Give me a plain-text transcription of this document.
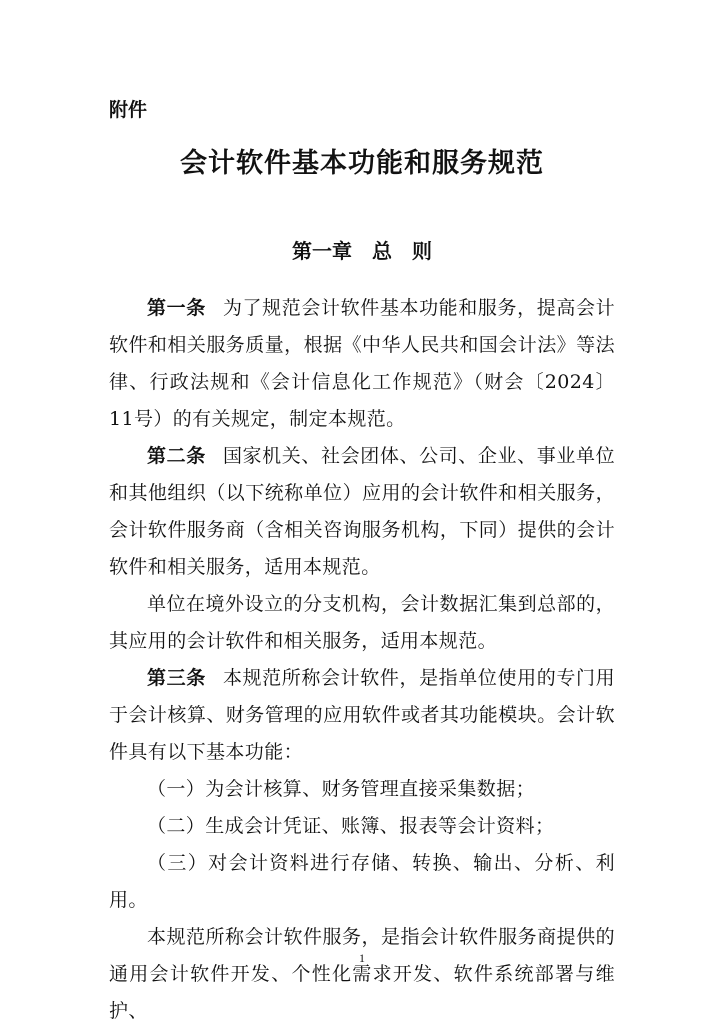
附件
会计软件基本功能和服务规范
第一章　总　则

第一条 为了规范会计软件基本功能和服务，提高会计软件和相关服务质量，根据《中华人民共和国会计法》等法律、行政法规和《会计信息化工作规范》（财会〔2024〕11号）的有关规定，制定本规范。

第二条 国家机关、社会团体、公司、企业、事业单位和其他组织（以下统称单位）应用的会计软件和相关服务，会计软件服务商（含相关咨询服务机构，下同）提供的会计软件和相关服务，适用本规范。

单位在境外设立的分支机构，会计数据汇集到总部的，其应用的会计软件和相关服务，适用本规范。

第三条 本规范所称会计软件，是指单位使用的专门用于会计核算、财务管理的应用软件或者其功能模块。会计软件具有以下基本功能：

（一）为会计核算、财务管理直接采集数据；

（二）生成会计凭证、账簿、报表等会计资料；

（三）对会计资料进行存储、转换、输出、分析、利用。

本规范所称会计软件服务，是指会计软件服务商提供的通用会计软件开发、个性化需求开发、软件系统部署与维护、

1
